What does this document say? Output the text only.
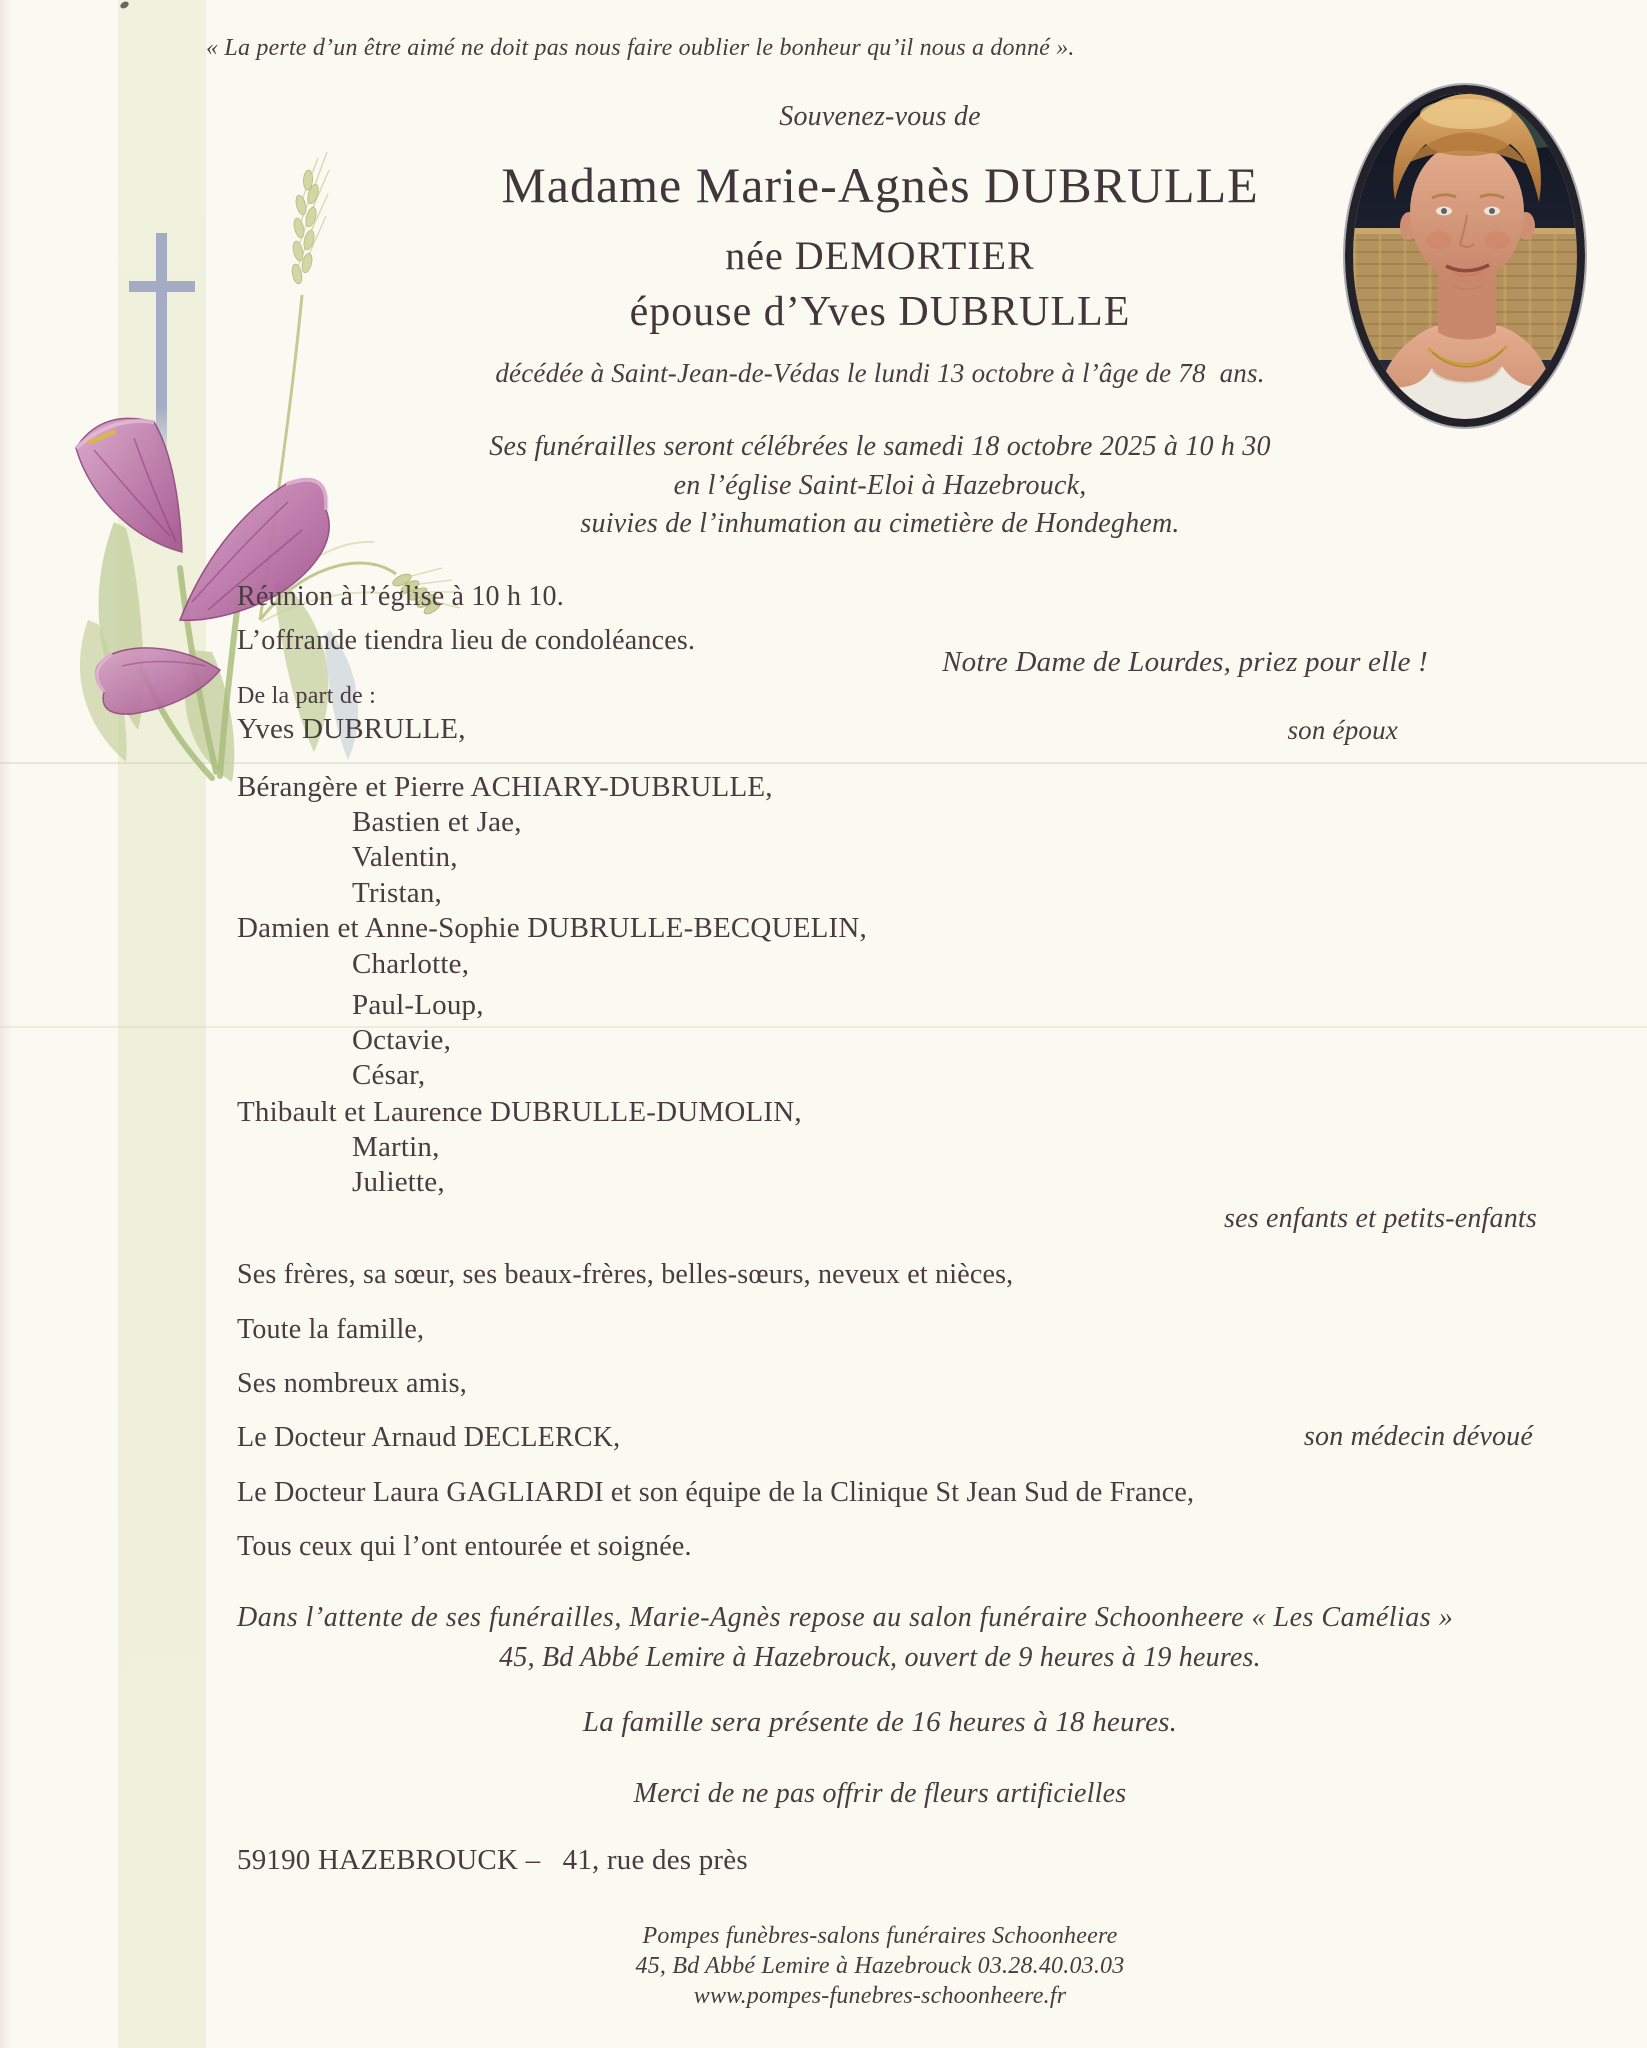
« La perte d’un être aimé ne doit pas nous faire oublier le bonheur qu’il nous a donné ».
Souvenez-vous de
Madame Marie-Agnès DUBRULLE
née DEMORTIER
épouse d’Yves DUBRULLE
décédée à Saint-Jean-de-Védas le lundi 13 octobre à l’âge de 78  ans.
Ses funérailles seront célébrées le samedi 18 octobre 2025 à 10 h 30
en l’église Saint-Eloi à Hazebrouck,
suivies de l’inhumation au cimetière de Hondeghem.
Réunion à l’église à 10 h 10.
L’offrande tiendra lieu de condoléances.
Notre Dame de Lourdes, priez pour elle !
De la part de :
Yves DUBRULLE,	son époux
Bérangère et Pierre ACHIARY-DUBRULLE,
Bastien et Jae,
Valentin,
Tristan,
Damien et Anne-Sophie DUBRULLE-BECQUELIN,
Charlotte,
Paul-Loup,
Octavie,
César,
Thibault et Laurence DUBRULLE-DUMOLIN,
Martin,
Juliette,
ses enfants et petits-enfants
Ses frères, sa sœur, ses beaux-frères, belles-sœurs, neveux et nièces,
Toute la famille,
Ses nombreux amis,
Le Docteur Arnaud DECLERCK,	son médecin dévoué
Le Docteur Laura GAGLIARDI et son équipe de la Clinique St Jean Sud de France,
Tous ceux qui l’ont entourée et soignée.
Dans l’attente de ses funérailles, Marie-Agnès repose au salon funéraire Schoonheere « Les Camélias »
45, Bd Abbé Lemire à Hazebrouck, ouvert de 9 heures à 19 heures.
La famille sera présente de 16 heures à 18 heures.
Merci de ne pas offrir de fleurs artificielles
59190 HAZEBROUCK –   41, rue des près
Pompes funèbres-salons funéraires Schoonheere
45, Bd Abbé Lemire à Hazebrouck 03.28.40.03.03
www.pompes-funebres-schoonheere.fr
